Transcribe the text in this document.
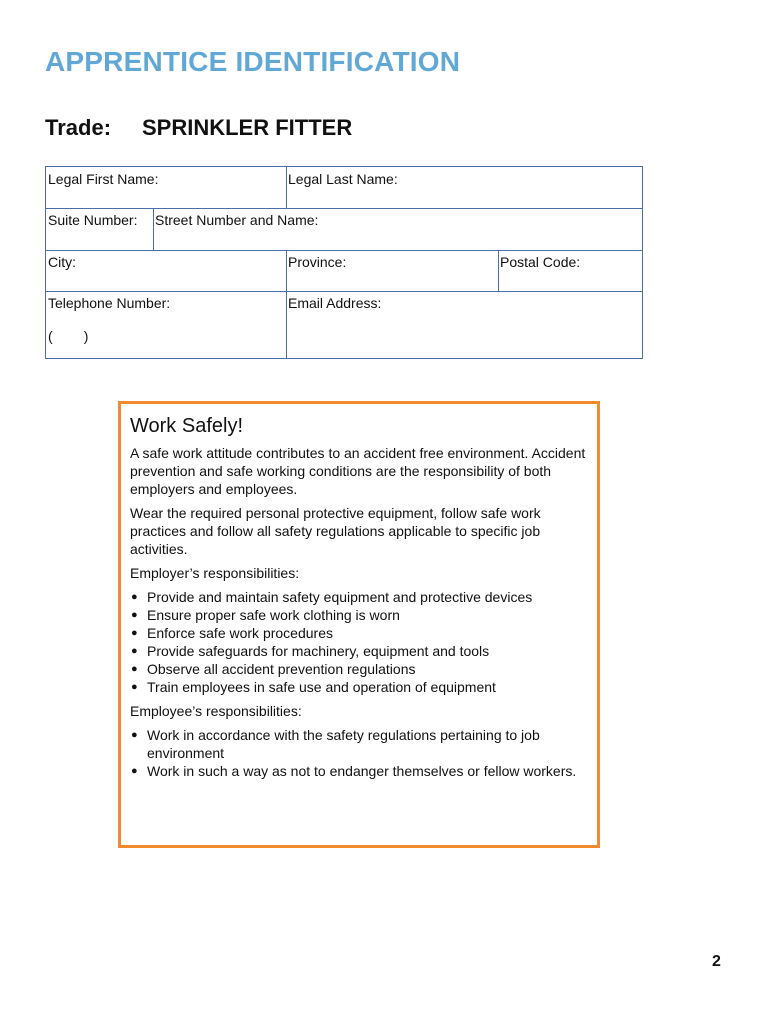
APPRENTICE IDENTIFICATION
Trade: SPRINKLER FITTER
Legal First Name:	Legal Last Name:
Suite Number:	Street Number and Name:
City:	Province:	Postal Code:
Telephone Number:
(        )
Email Address:
Work Safely!

A safe work attitude contributes to an accident free environment. Accident prevention and safe working conditions are the responsibility of both employers and employees.

Wear the required personal protective equipment, follow safe work practices and follow all safety regulations applicable to specific job activities.

Employer’s responsibilities:

● Provide and maintain safety equipment and protective devices
● Ensure proper safe work clothing is worn
● Enforce safe work procedures
● Provide safeguards for machinery, equipment and tools
● Observe all accident prevention regulations
● Train employees in safe use and operation of equipment

Employee’s responsibilities:

● Work in accordance with the safety regulations pertaining to job environment
● Work in such a way as not to endanger themselves or fellow workers.
2
